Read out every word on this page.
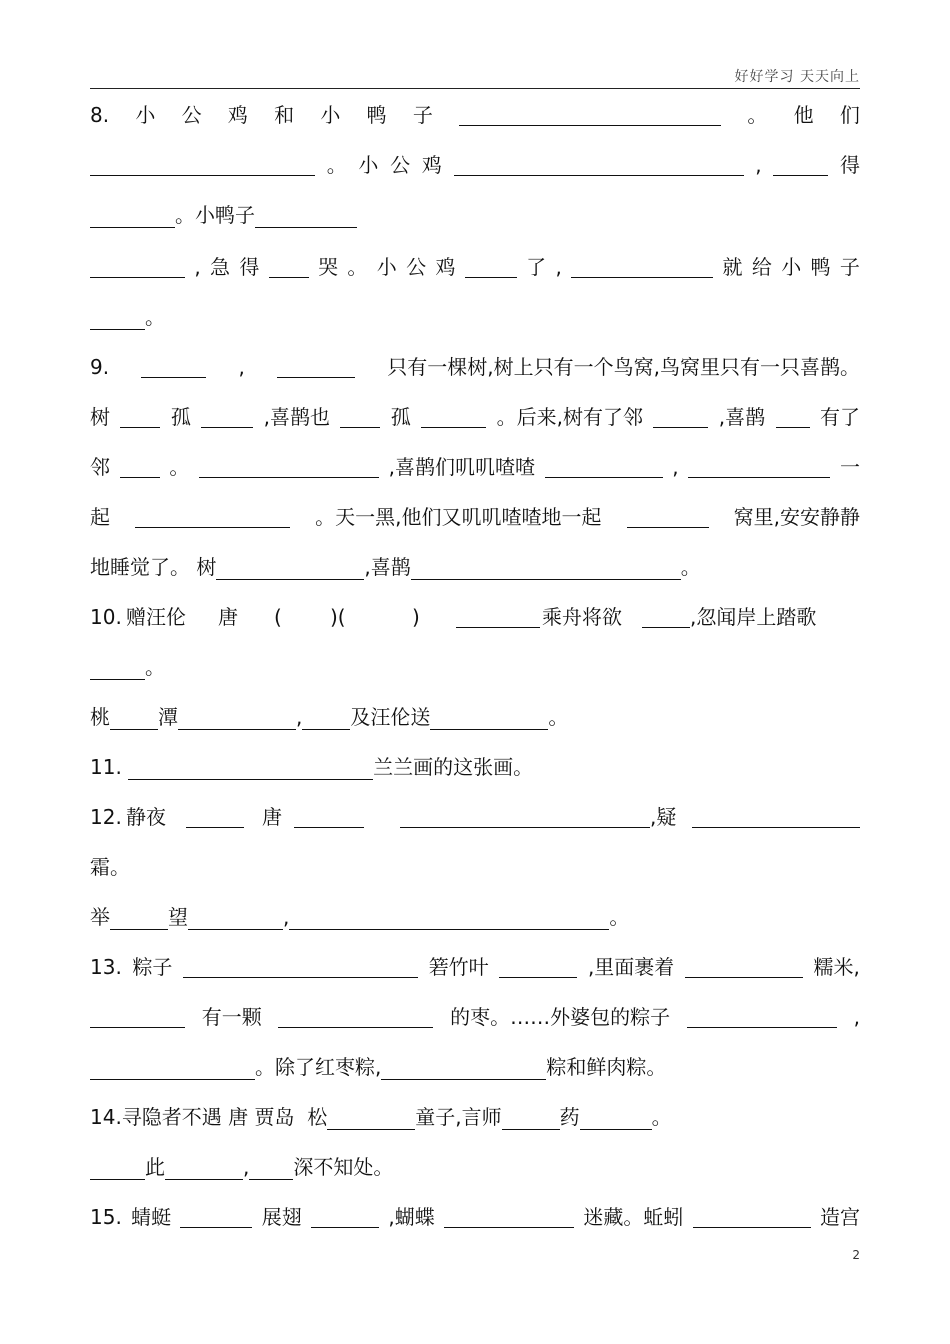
好好学习 天天向上
8. 小 公 鸡 和 小 鸭 子	。 他 们
。 小 公 鸡	,	得
。小鸭子
, 急 得	哭 。 小 公 鸡	了 ,	就 给 小 鸭 子
。
9.	,	只有一棵树,树上只有一个鸟窝,鸟窝里只有一只喜鹊。
树	孤	,喜鹊也	孤	。后来,树有了邻	,喜鹊	有了
邻	。	,喜鹊们叽叽喳喳	,	一
起	。天一黑,他们又叽叽喳喳地一起	窝里,安安静静
地睡觉了。 树	,喜鹊	。
10. 赠汪伦 唐 ( )(	)	乘舟将欲	,忽闻岸上踏歌
。
桃 潭	, 及汪伦送	。
11.	兰兰画的这张画。
12. 静夜	唐	,疑
霜。
举	望	,	。
13. 粽子	箬竹叶	,里面裹着	糯米,
有一颗	的枣。……外婆包的粽子	,
。除了红枣粽,	粽和鲜肉粽。
14.寻隐者不遇 唐 贾岛 松	童子,言师	药	。
此	, 深不知处。
15. 蜻蜓	展翅	,蝴蝶	迷藏。蚯蚓	造宫
2
